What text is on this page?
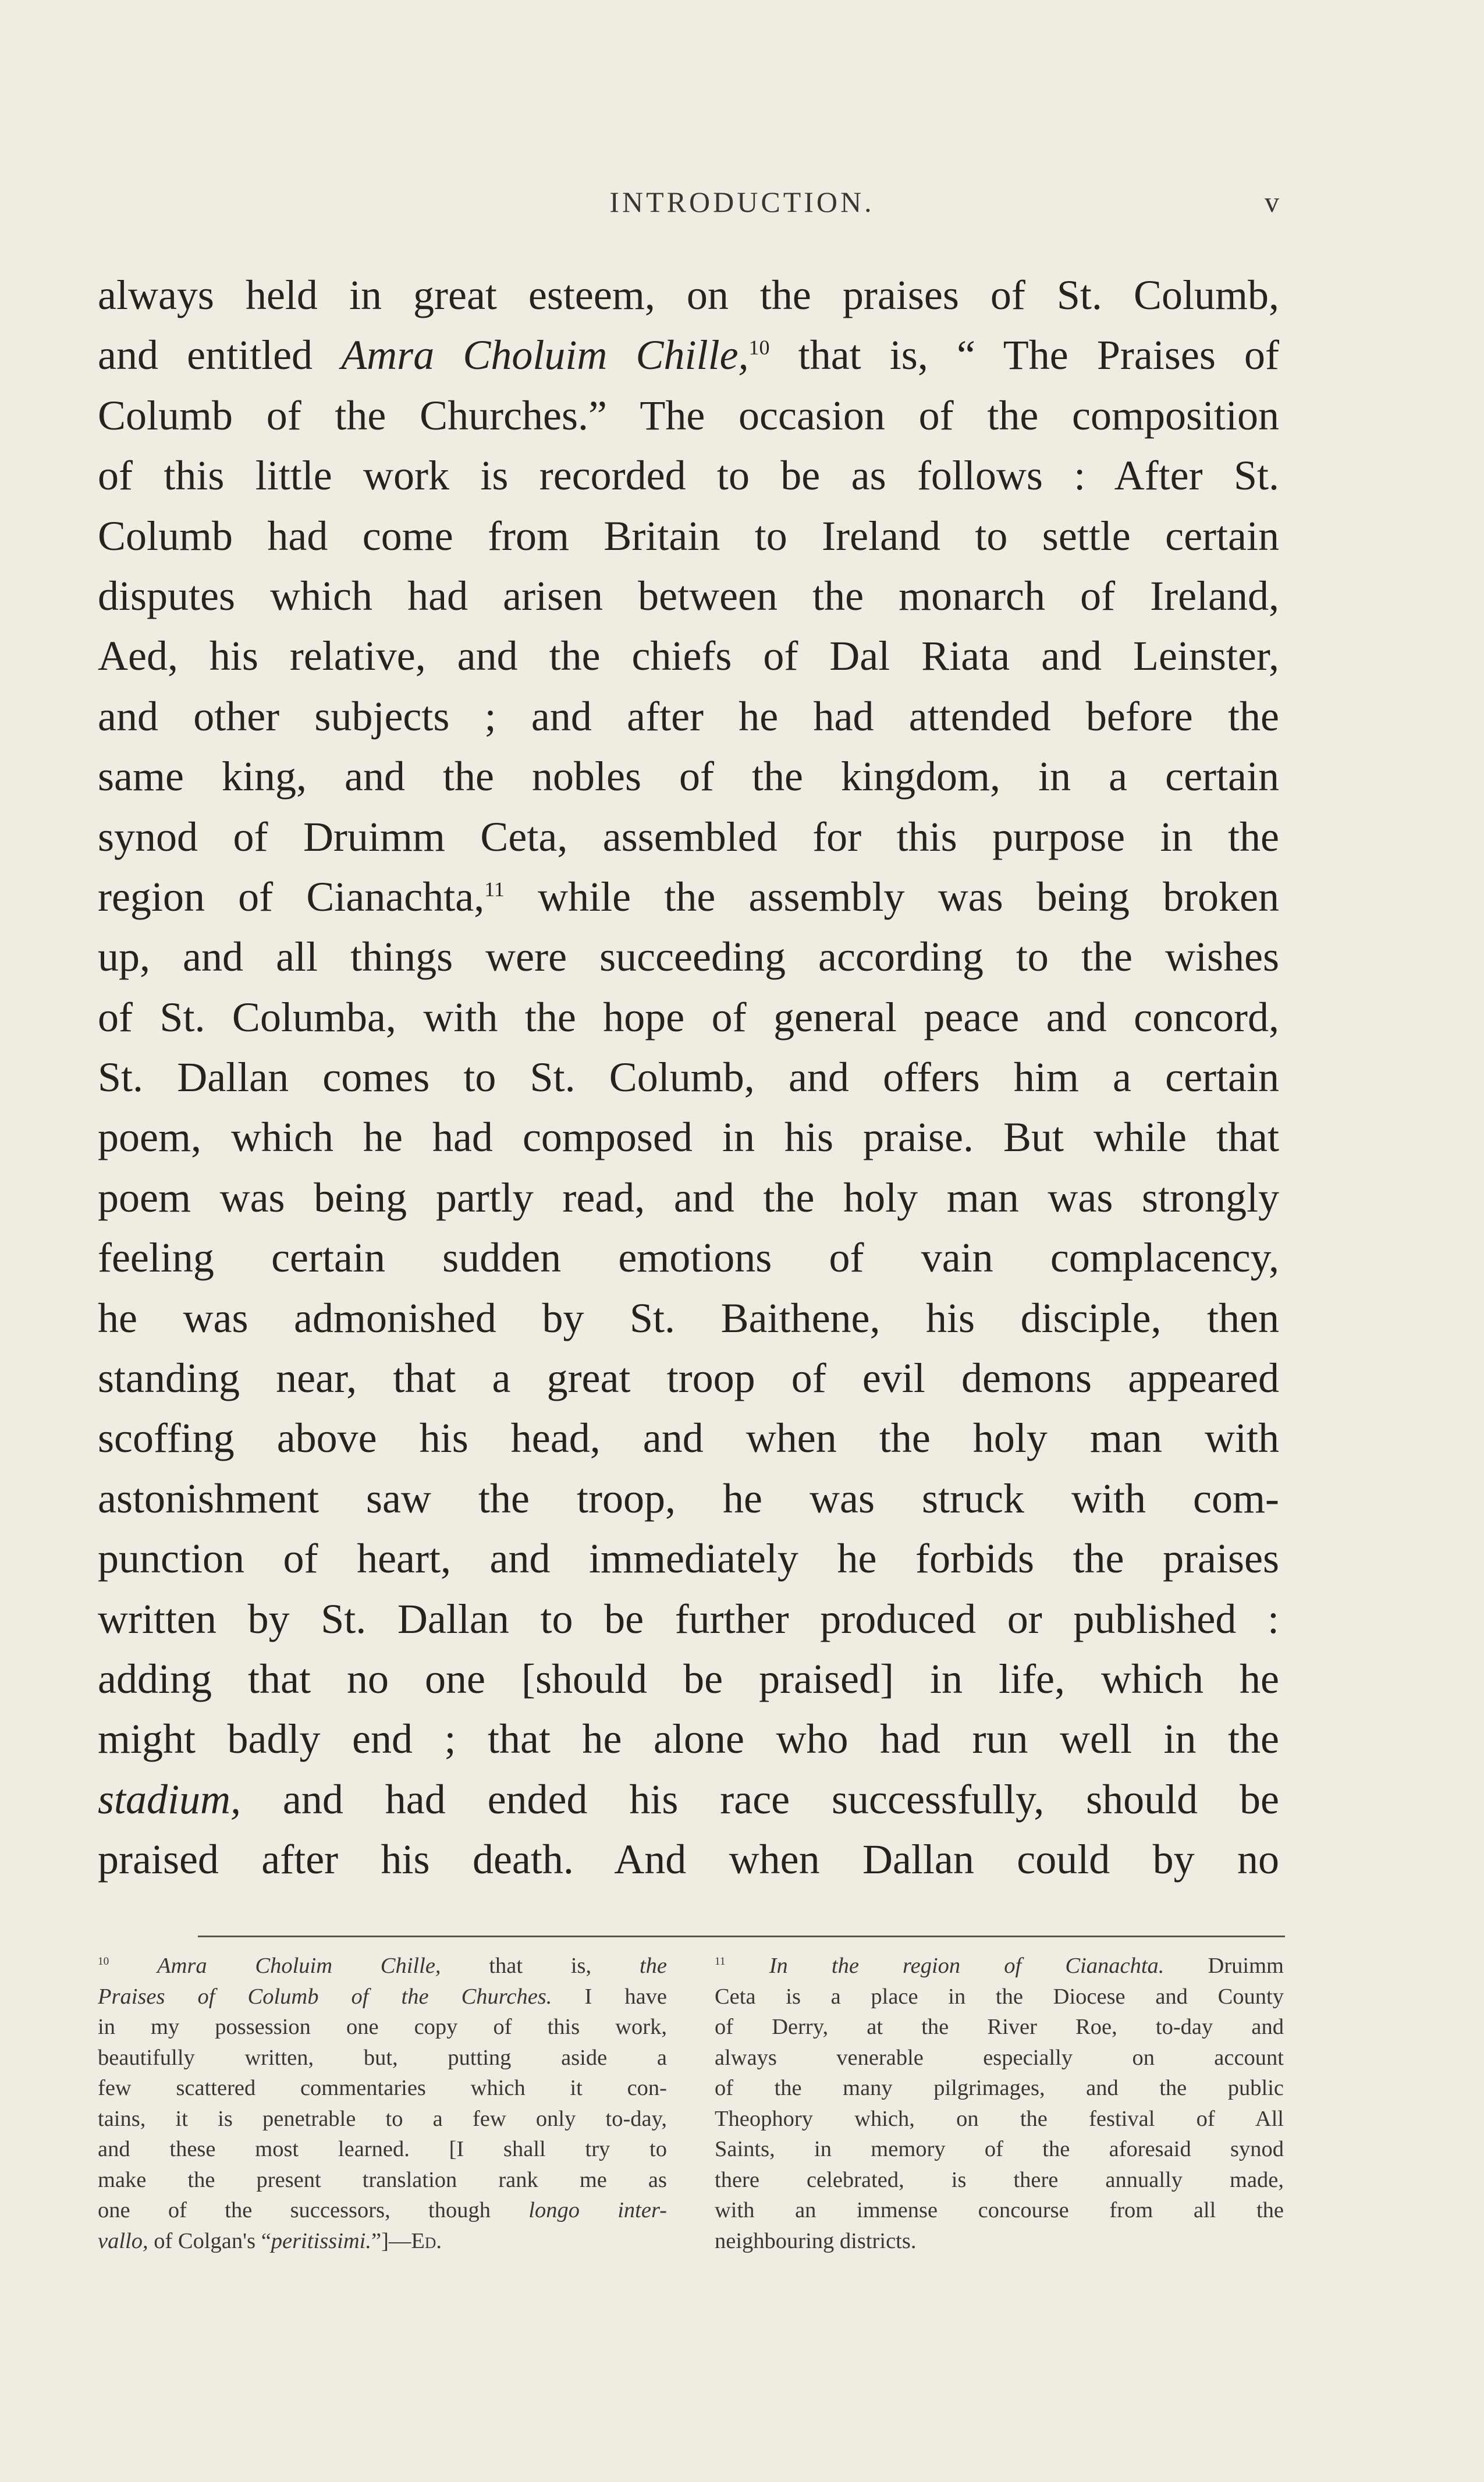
INTRODUCTION.	v
always held in great esteem, on the praises of St. Columb,
and entitled Amra Choluim Chille,$^{10}$ that is, “ The Praises of
Columb of the Churches.” The occasion of the composition
of this little work is recorded to be as follows : After St.
Columb had come from Britain to Ireland to settle certain
disputes which had arisen between the monarch of Ireland,
Aed, his relative, and the chiefs of Dal Riata and Leinster,
and other subjects ; and after he had attended before the
same king, and the nobles of the kingdom, in a certain
synod of Druimm Ceta, assembled for this purpose in the
region of Cianachta,$^{11}$ while the assembly was being broken
up, and all things were succeeding according to the wishes
of St. Columba, with the hope of general peace and concord,
St. Dallan comes to St. Columb, and offers him a certain
poem, which he had composed in his praise. But while that
poem was being partly read, and the holy man was strongly
feeling certain sudden emotions of vain complacency,
he was admonished by St. Baithene, his disciple, then
standing near, that a great troop of evil demons appeared
scoffing above his head, and when the holy man with
astonishment saw the troop, he was struck with com-
punction of heart, and immediately he forbids the praises
written by St. Dallan to be further produced or published :
adding that no one [should be praised] in life, which he
might badly end ; that he alone who had run well in the
stadium, and had ended his race successfully, should be
praised after his death. And when Dallan could by no
$^{10}$ Amra Choluim Chille, that is, the
Praises of Columb of the Churches. I have
in my possession one copy of this work,
beautifully written, but, putting aside a
few scattered commentaries which it con-
tains, it is penetrable to a few only to-day,
and these most learned. [I shall try to
make the present translation rank me as
one of the successors, though longo inter-
vallo, of Colgan's “peritissimi.”]—Ed.
$^{11}$ In the region of Cianachta. Druimm
Ceta is a place in the Diocese and County
of Derry, at the River Roe, to-day and
always venerable especially on account
of the many pilgrimages, and the public
Theophory which, on the festival of All
Saints, in memory of the aforesaid synod
there celebrated, is there annually made,
with an immense concourse from all the
neighbouring districts.
